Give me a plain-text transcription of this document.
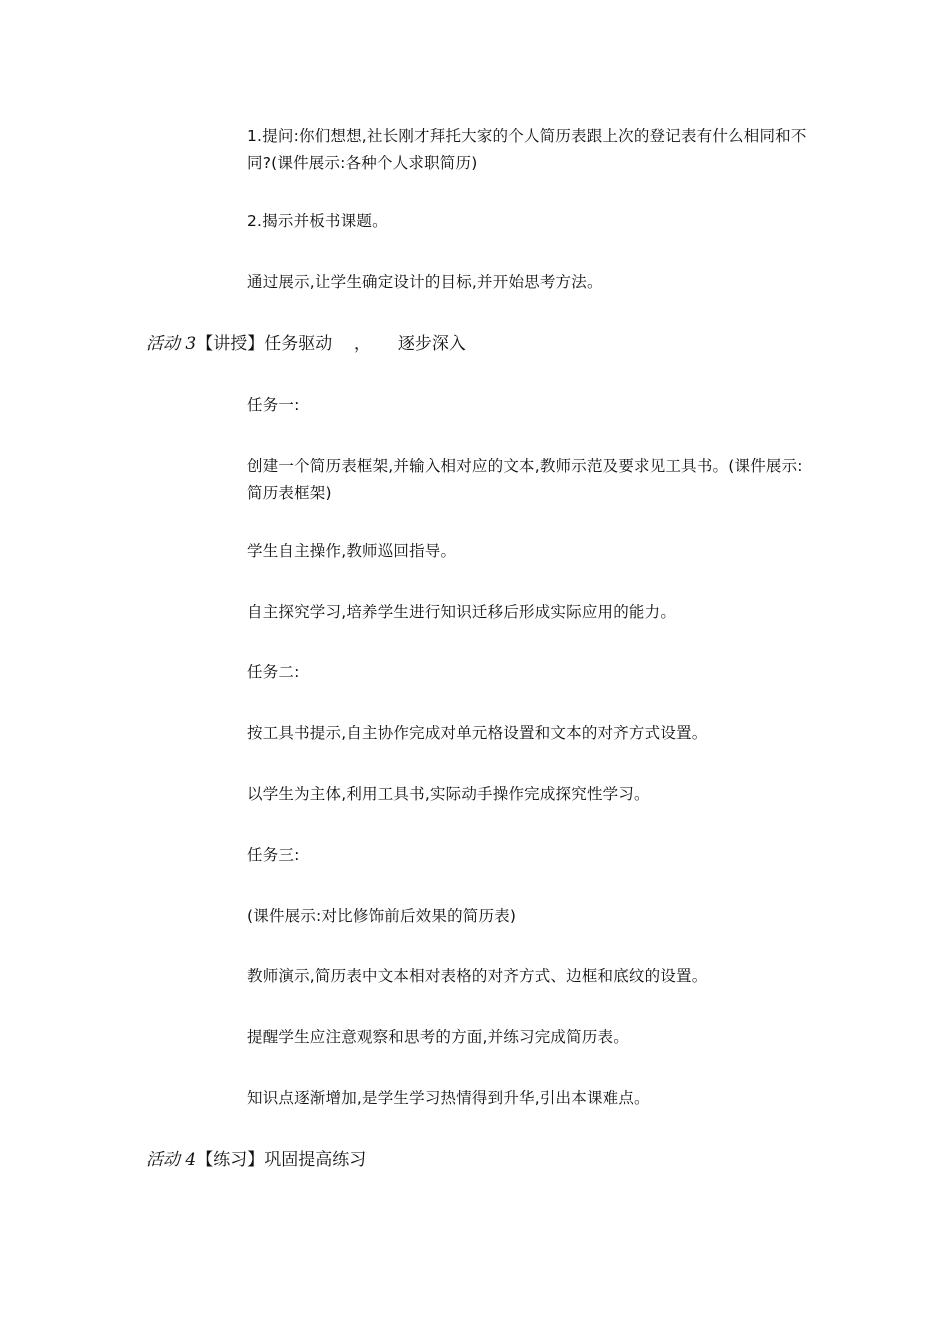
1.提问:你们想想,社长刚才拜托大家的个人简历表跟上次的登记表有什么相同和不同?(课件展示:各种个人求职简历)

2.揭示并板书课题。

通过展示,让学生确定设计的目标,并开始思考方法。

活动 3【讲授】任务驱动    ，     逐步深入

任务一:

创建一个简历表框架,并输入相对应的文本,教师示范及要求见工具书。(课件展示:简历表框架)

学生自主操作,教师巡回指导。

自主探究学习,培养学生进行知识迁移后形成实际应用的能力。

任务二:

按工具书提示,自主协作完成对单元格设置和文本的对齐方式设置。

以学生为主体,利用工具书,实际动手操作完成探究性学习。

任务三:

(课件展示:对比修饰前后效果的简历表)

教师演示,简历表中文本相对表格的对齐方式、边框和底纹的设置。

提醒学生应注意观察和思考的方面,并练习完成简历表。

知识点逐渐增加,是学生学习热情得到升华,引出本课难点。

活动 4【练习】巩固提高练习
